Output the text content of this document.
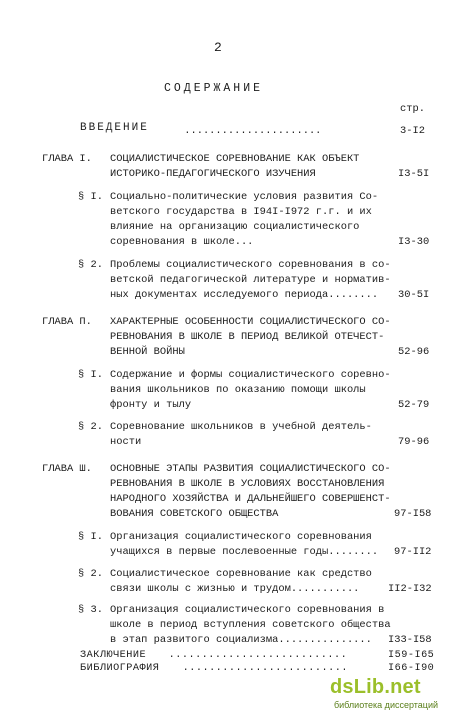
2
СОДЕРЖАНИЕ
стр.
ВВЕДЕНИЕ	......................	3-I2
ГЛАВА I. СОЦИАЛИСТИЧЕСКОЕ СОРЕВНОВАНИЕ КАК ОБЪЕКТ
ИСТОРИКО-ПЕДАГОГИЧЕСКОГО ИЗУЧЕНИЯ	I3-5I
§ I. Социально-политические условия развития Со-
ветского государства в I94I-I972 г.г. и их
влияние на организацию социалистического
соревнования в школе...	I3-30
§ 2. Проблемы социалистического соревнования в со-
ветской педагогической литературе и норматив-
ных документах исследуемого периода........ 30-5I
ГЛАВА П. ХАРАКТЕРНЫЕ ОСОБЕННОСТИ СОЦИАЛИСТИЧЕСКОГО СО-
РЕВНОВАНИЯ В ШКОЛЕ В ПЕРИОД ВЕЛИКОЙ ОТЕЧЕСТ-
ВЕННОЙ ВОЙНЫ	52-96
§ I. Содержание и формы социалистического соревно-
вания школьников по оказанию помощи школы
фронту и тылу	52-79
§ 2. Соревнование школьников в учебной деятель-
ности	79-96
ГЛАВА Ш. ОСНОВНЫЕ ЭТАПЫ РАЗВИТИЯ СОЦИАЛИСТИЧЕСКОГО СО-
РЕВНОВАНИЯ В ШКОЛЕ В УСЛОВИЯХ ВОССТАНОВЛЕНИЯ
НАРОДНОГО ХОЗЯЙСТВА И ДАЛЬНЕЙШЕГО СОВЕРШЕНСТ-
ВОВАНИЯ СОВЕТСКОГО ОБЩЕСТВА	97-I58
§ I. Организация социалистического соревнования
учащихся в первые послевоенные годы........ 97-II2
§ 2. Социалистическое соревнование как средство
связи школы с жизнью и трудом...........	II2-I32
§ 3. Организация социалистического соревнования в
школе в период вступления советского общества
в этап развитого социализма............... I33-I58
ЗАКЛЮЧЕНИЕ ...........................	I59-I65
БИБЛИОГРАФИЯ .........................	I66-I90
dsLib.net
библиотека диссертаций
